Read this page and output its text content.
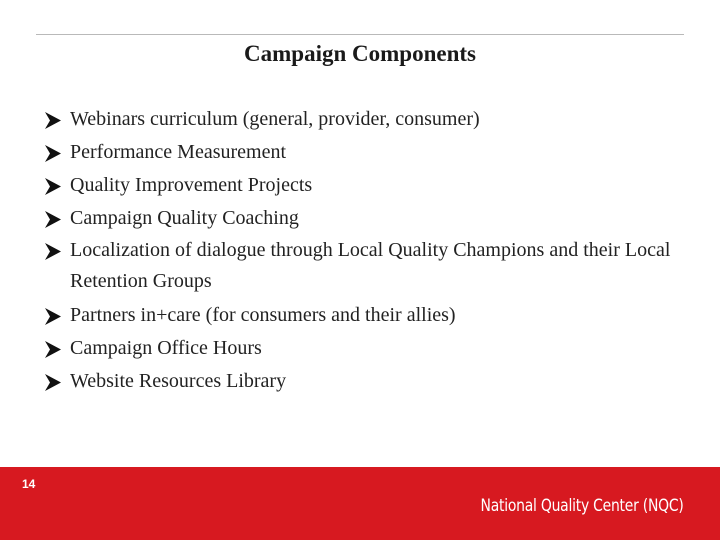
Campaign Components
Webinars curriculum (general, provider, consumer)
Performance Measurement
Quality Improvement Projects
Campaign Quality Coaching
Localization of dialogue through Local Quality Champions and their Local Retention Groups
Partners in+care (for consumers and their allies)
Campaign Office Hours
Website Resources Library
14
National Quality Center (NQC)
